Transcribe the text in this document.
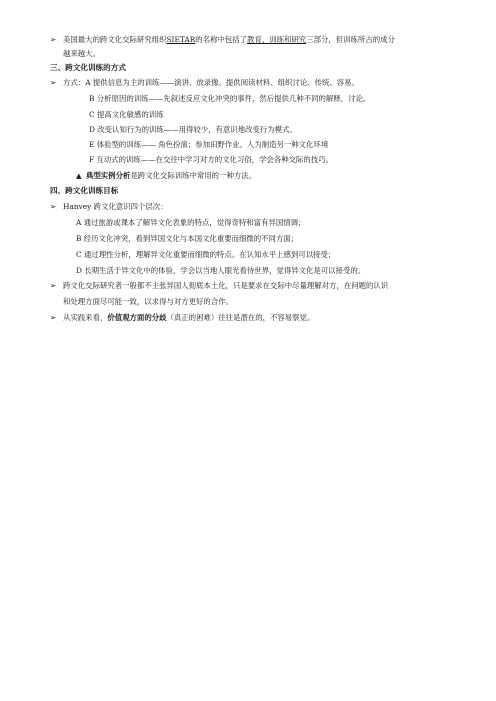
➢ 美国最大的跨文化交际研究组织SIETAR的名称中包括了教育、训练和研究三部分，但训练所占的成分
越来越大。
三、跨文化训练的方式
➢ 方式：A 提供信息为主的训练——演讲、放录像、提供阅读材料、组织讨论、传统、容易。
B 分析原因的训练——先叙述反应文化冲突的事件，然后提供几种不同的解释，讨论。
C 提高文化敏感的训练
D 改变认知行为的训练——用得较少，有意识地改变行为模式。
E 体验型的训练—— 角色扮演；参加田野作业。人为制造另一种文化环境
F 互动式的训练——在交往中学习对方的文化习俗，学会各种交际的技巧。
▲ 典型实例分析是跨文化交际训练中常用的一种方法。
四、跨文化训练目标
➢ Hanvey 跨文化意识四个层次：
A 通过旅游或课本了解异文化表象的特点，觉得奇特和富有异国情调；
B 经历文化冲突，看到异国文化与本国文化重要而细微的不同方面；
C 通过理性分析，理解异文化重要而细微的特点。在认知水平上感到可以接受；
D 长期生活于异文化中的体验，学会以当地人眼光看待世界，觉得异文化是可以接受的。
➢ 跨文化交际研究者一般都不主张异国人彻底本土化，只是要求在交际中尽量理解对方，在问题的认识
和处理方面尽可能一致，以求得与对方更好的合作。
➢ 从实践来看，价值观方面的分歧（真正的困难）往往是潜在的，不容易察觉。
